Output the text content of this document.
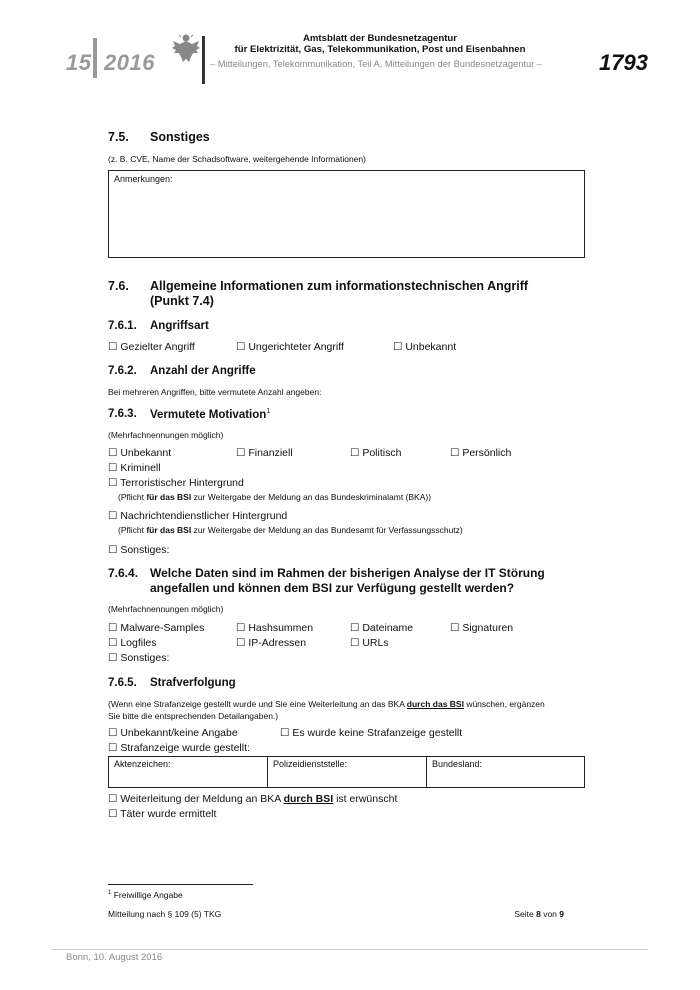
15 2016
Amtsblatt der Bundesnetzagentur
für Elektrizität, Gas, Telekommunikation, Post und Eisenbahnen
– Mitteilungen, Telekommunikation, Teil A, Mitteilungen der Bundesnetzagentur –	1793
7.5. Sonstiges
(z. B. CVE, Name der Schadsoftware, weitergehende Informationen)
Anmerkungen:
7.6. Allgemeine Informationen zum informationstechnischen Angriff (Punkt 7.4)
7.6.1. Angriffsart
☐ Gezielter Angriff	☐ Ungerichteter Angriff	☐ Unbekannt
7.6.2. Anzahl der Angriffe
Bei mehreren Angriffen, bitte vermutete Anzahl angeben:
7.6.3. Vermutete Motivation$^1$
(Mehrfachnennungen möglich)
☐ Unbekannt	☐ Finanziell	☐ Politisch	☐ Persönlich
☐ Kriminell
☐ Terroristischer Hintergrund
(Pflicht für das BSI zur Weitergabe der Meldung an das Bundeskriminalamt (BKA))
☐ Nachrichtendienstlicher Hintergrund
(Pflicht für das BSI zur Weitergabe der Meldung an das Bundesamt für Verfassungsschutz)
☐ Sonstiges:
7.6.4. Welche Daten sind im Rahmen der bisherigen Analyse der IT Störung angefallen und können dem BSI zur Verfügung gestellt werden?
(Mehrfachnennungen möglich)
☐ Malware-Samples	☐ Hashsummen	☐ Dateiname	☐ Signaturen
☐ Logfiles	☐ IP-Adressen	☐ URLs
☐ Sonstiges:
7.6.5. Strafverfolgung
(Wenn eine Strafanzeige gestellt wurde und Sie eine Weiterleitung an das BKA durch das BSI wünschen, ergänzen
Sie bitte die entsprechenden Detailangaben.)
☐ Unbekannt/keine Angabe	☐ Es wurde keine Strafanzeige gestellt
☐ Strafanzeige wurde gestellt:
Aktenzeichen:	Polizeidienststelle:	Bundesland:
☐ Weiterleitung der Meldung an BKA durch BSI ist erwünscht
☐ Täter wurde ermittelt
$^1$ Freiwillige Angabe
Mitteilung nach § 109 (5) TKG	Seite 8 von 9
Bonn, 10. August 2016
